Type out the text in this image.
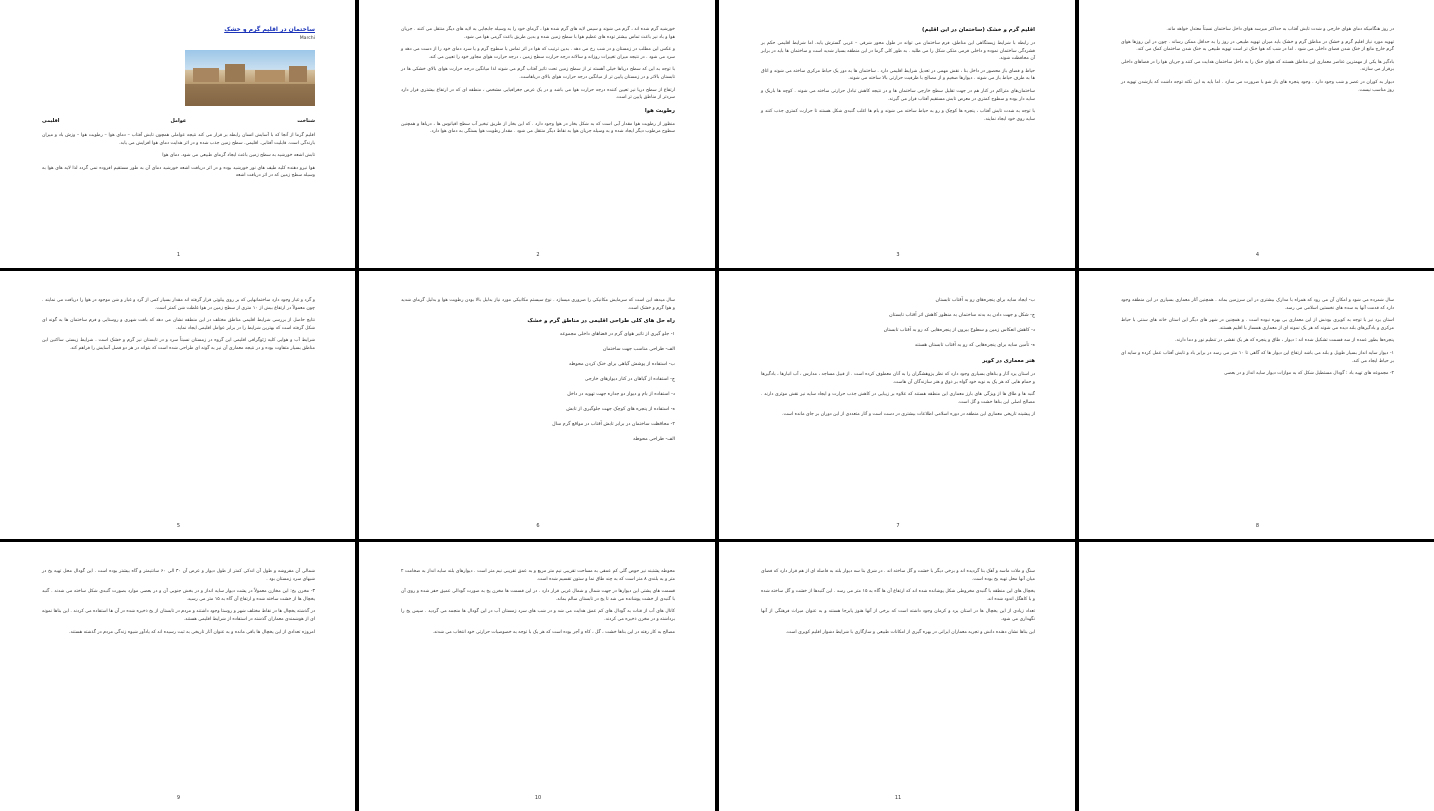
ساختمان در اقلیم گرم و خشک
Marchi
شناخت
عوامل
اقلیمی

اقلیم گرما از آنجا که با آسایش انسان رابطه بر قرار می کند نتیجه عواملی همچون تابش آفتاب – دمای هوا – رطوبت هوا – وزش باد و میزان بارندگی است. قابلیت آفتابی. اقلیمی. سطح زمین جذب شده و در اثر هدایت دمای هوا افزایش می یابد.

تابش اشعه خورشید به سطح زمین باعث ایجاد گرمای طبیعی می شود. دمای هوا

هوا نیرو دهنده کلیه طیف های نور خورشید بوده و در اثر دریافت اشعه خورشید دمای آن به طور مستقیم افزوده نمی گردد لذا لایه های هوا به وسیله سطح زمین که در اثر دریافت اشعه

1

خورشید گرم شده اند ، گرم می شوند و سپس لایه های گرم شده هوا ، گرمای خود را به وسیله جابجایی به لایه های دیگر منتقل می کنند . جریان هوا و باد نیز باعث تماس بیشتر توده های عظیم هوا با سطح زمین شده و بدین طریق باعث گرمی هوا می شود.

و عکس این مطلب در زمستان و در شب رخ می دهد . بدین ترتیب که هوا در اثر تماس با سطوح گرم و یا سرد دمای خود را از دست می دهد و سرد می شود . در نتیجه میزان تغییرات روزانه و سالانه درجه حرارت سطح زمین ، درجه حرارت هوای مجاور خود را تعیین می کند.

با توجه به این که سطح دریاها خیلی آهسته تر از سطح زمین تحت تاثیر آفتاب گرم می شوند لذا میانگین درجه حرارت هوای بالای خشکی ها در تابستان بالاتر و در زمستان پایین تر از میانگین درجه حرارت هوای بالای دریاهاست.

ارتفاع از سطح دریا نیز تعیین کننده درجه حرارت هوا می باشد و در یک عرض جغرافیایی مشخص ، منطقه ای که در ارتفاع بیشتری قرار دارد سردتر از مناطق پایین تر است.

رطوبت هوا

منظور از رطوبت هوا مقدار آبی است که به شکل بخار در هوا وجود دارد . که این بخار از طریق تبخیر آب سطح اقیانوس ها ، دریاها و همچنین سطوح مرطوب دیگر ایجاد شده و به وسیله جریان هوا به نقاط دیگر منتقل می شود . مقدار رطوبت هوا بستگی به دمای هوا دارد.

2

اقلیم گرم و خشک (ساختمان در این اقلیم)

در رابطه با شرایط زیستگاهی این مناطق، فرم ساختمان می تواند در طول محور شرقی – غربی گسترش یابد. اما شرایط اقلیمی حکم بر فشردگی ساختمان نموده و داخلی فرمی متکی شکل را می طلبد . به طور کلی گرما در این منطقه بسیار شدید است و ساختمان ها باید در برابر آن محافظت شوند.

حیاط و فضای باز محصور در داخل بنا ، نقش مهمی در تعدیل شرایط اقلیمی دارد . ساختمان ها به دور یک حیاط مرکزی ساخته می شوند و اتاق ها به طرف حیاط باز می شوند . دیوارها ضخیم و از مصالح با ظرفیت حرارتی بالا ساخته می شوند.

ساختمان‌های متراکم در کنار هم در جهت تقلیل سطح خارجی ساختمان ها و در نتیجه کاهش تبادل حرارتی ساخته می شوند . کوچه ها باریک و سایه دار بوده و سطوح کمتری در معرض تابش مستقیم آفتاب قرار می گیرند.

با توجه به شدت تابش آفتاب ، پنجره ها کوچک و رو به حیاط ساخته می شوند و بام ها اغلب گنبدی شکل هستند تا حرارت کمتری جذب کنند و سایه روی خود ایجاد نمایند.

3

در روز هنگامیکه دمای هوای خارجی و شدت تابش آفتاب به حداکثر میرسد هوای داخل ساختمان نسبتاً معتدل خواهد ماند.

تهویه مورد نیاز اقلیم گرم و خشک در مناطق گرم و خشک باید میزان تهویه طبیعی در روز را به حداقل ممکن رساند . چون در این روزها هوای گرم خارج مانع از خنک شدن فضای داخلی می شود . اما در شب که هوا خنک تر است تهویه طبیعی به خنک شدن ساختمان کمک می کند.

بادگیر ها یکی از مهمترین عناصر معماری این مناطق هستند که هوای خنک را به داخل ساختمان هدایت می کنند و جریان هوا را در فضاهای داخلی برقرار می سازند.

دیوار به کوران در عصر و شب وجود دارد . وجود پنجره های باز شو با ضرورت می سازد . اما باید به این نکته توجه داشت که بازشدن تهویه در روز مناسب نیست.

4

و گرد و غبار وجود دارد ساختمانهایی که بر روی پیلوتی قرار گرفته اند مقدار بسیار کمی از گرد و غبار و شن موجود در هوا را دریافت می نمایند . چون معمولاً در ارتفاع بیش از ۱۰ متری از سطح زمین در هوا غلظت شن کمتر است.

نتایج حاصل از بررسی شرایط اقلیمی مناطق مختلف در این منطقه نشان می دهد که بافت شهری و روستایی و فرم ساختمان ها به گونه ای شکل گرفته است که بهترین شرایط را در برابر عوامل اقلیمی ایجاد نماید.

شرایط آب و هوایی کلیه ژئوگرافی اقلیمی این گروه در زمستان نسبتاً سرد و در تابستان نیز گرم و خشک است . شرایط زیستی ساکنین این مناطق بسیار متفاوت بوده و در نتیجه معماری آن نیز به گونه ای طراحی شده است که بتواند در هر دو فصل آسایش را فراهم کند.

5

سال میدهد این است که سرمایش مکانیکی را ضروری میسازد . نوع سیستم مکانیکی مورد نیاز بدلیل بالا بودن رطوبت هوا و بدلیل گرمای شدید و هوا گرم و خشک است.

راه حل های کلی طراحی اقلیمی در مناطق گرم و خشک

۱- جلو گیری از تاثیر هوای گرم در فضاهای داخلی مجموعه

الف- طراحی مناسب جهت ساختمان

ب- استفاده از پوشش گیاهی برای خنک کردن محوطه

ج- استفاده از گیاهان در کنار دیوارهای خارجی

د- استفاده از بام و دیوار دو جداره جهت تهویه در داخل

ه- استفاده از پنجره های کوچک جهت جلوگیری از تابش

۲- محافظت ساختمان در برابر تابش آفتاب در مواقع گرم سال

الف- طراحی محوطه

6

ب- ایجاد سایه برای پنجره‌های رو به آفتاب تابستان

ج- شکل و جهت دادن به بدنه ساختمان به منظور کاهش اثر آفتاب تابستان

د- کاهش انعکاس زمین و سطوح بیرون از پنجره‌هایی که رو به آفتاب تابستان

ه- تأمین سایه برای پنجره‌هایی که رو به آفتاب تابستان هستند

هنر معماری در کویر

در استان یزد آثار و بناهای بسیاری وجود دارد که نظر پژوهشگران را به آنان معطوف کرده است . از قبیل مساجد ، مدارس ، آب انبارها ، بادگیرها و حمام هایی که هر یک به نوبه خود گواه بر ذوق و هنر سازندگان آن هاست.

گنبد ها و طاق ها از ویژگی های بارز معماری این منطقه هستند که علاوه بر زیبایی در کاهش جذب حرارت و ایجاد سایه نیز نقش موثری دارند . مصالح اصلی این بناها خشت و گل است.

از پیشینه تاریخی معماری این منطقه در دوره اسلامی اطلاعات بیشتری در دست است و آثار متعددی از این دوران بر جای مانده است.

7

سال شمرده می شود و امکان آن می رود که همراه با مدارک بیشتری در این سرزمین بماند . همچنین آثار معماری بسیاری در این منطقه وجود دارد که قدمت آنها به سده های نخستین اسلامی می رسد.

استان یزد نیز با توجه به کویری بودنش از این معماری بی بهره نبوده است . و همچنین در شهر های دیگر این استان خانه های سنتی با حیاط مرکزی و بادگیرهای بلند دیده می شوند که هر یک نمونه ای از معماری همساز با اقلیم هستند.

پنجره‌ها بطور عمده از سه قسمت تشکیل شده اند : دیوار ، طاق و پنجره که هر یک نقشی در تنظیم نور و دما دارند.

۱- دیوار سایه انداز بسیار طویل و بلند می باشد ارتفاع این دیوار ها که گاهی تا ۱۰ متر می رسد در برابر باد و تابش آفتاب عمل کرده و سایه ای بر حیاط ایجاد می کند.

۲- مجموعه های تهیه باد : گودال مستطیل شکل که به موازات دیوار سایه انداز و در بعضی

8

شمالی آن مفروشه و طول آن اندکی کمتر از طول دیوار و عرض آن ۳۰ الی ۶۰ سانتیمتر و گاه بیشتر بوده است . این گودال محل تهیه یخ در شبهای سرد زمستان بود .

۳- مخزن یخ: این مخازن معمولاً در پشت دیوار سایه انداز و در بخش جنوبی آن و در بعضی موارد بصورت گنبدی شکل ساخته می شدند . گنبد یخچال ها از خشت ساخته شده و ارتفاع آن گاه به ۱۵ متر می رسید.

در گذشته یخچال ها در نقاط مختلف شهر و روستا وجود داشتند و مردم در تابستان از یخ ذخیره شده در آن ها استفاده می کردند . این بناها نمونه ای از هوشمندی معماران گذشته در استفاده از شرایط اقلیمی هستند.

امروزه تعدادی از این یخچال ها باقی مانده و به عنوان آثار تاریخی به ثبت رسیده اند که یادآور شیوه زندگی مردم در گذشته هستند.

9

محوطه پشتبند نیز حوض گلی کم عمقی به مساحت تقریبی نیم متر مربع و به عمق تقریبی نیم متر است . دیوارهای بلند سایه انداز به ضخامت ۲ متر و به بلندی ۸ متر است که به چند طاق نما و ستون تقسیم شده است.

قسمت های پشتی این دیوارها در جهت شمال و شمال غربی قرار دارد . در این قسمت ها مخزن یخ به صورت گودالی عمیق حفر شده و روی آن با گنبدی از خشت پوشانده می شد تا یخ در تابستان سالم بماند.

کانال های آب از قنات به گودال های کم عمق هدایت می شد و در شب های سرد زمستان آب در این گودال ها منجمد می گردید . سپس یخ را برداشته و در مخزن ذخیره می کردند.

مصالح به کار رفته در این بناها خشت ، گل ، کاه و آجر بوده است که هر یک با توجه به خصوصیات حرارتی خود انتخاب می شدند.

10

سنگ و ملات ماسه و آهک بنا گردیده اند و برخی دیگر با خشت و گل ساخته اند . در شرق بنا سه دیوار بلند به فاصله ای از هم قرار دارد که فضای میان آنها محل تهیه یخ بوده است.

یخچال های این منطقه با گنبدی مخروطی شکل پوشانده شده اند که ارتفاع آن ها گاه به ۱۵ متر می رسد . این گنبدها از خشت و گل ساخته شده و با کاهگل اندود شده اند.

تعداد زیادی از این یخچال ها در استان یزد و کرمان وجود داشته است که برخی از آنها هنوز پابرجا هستند و به عنوان میراث فرهنگی از آنها نگهداری می شود.

این بناها نشان دهنده دانش و تجربه معماران ایرانی در بهره گیری از امکانات طبیعی و سازگاری با شرایط دشوار اقلیم کویری است.

11
